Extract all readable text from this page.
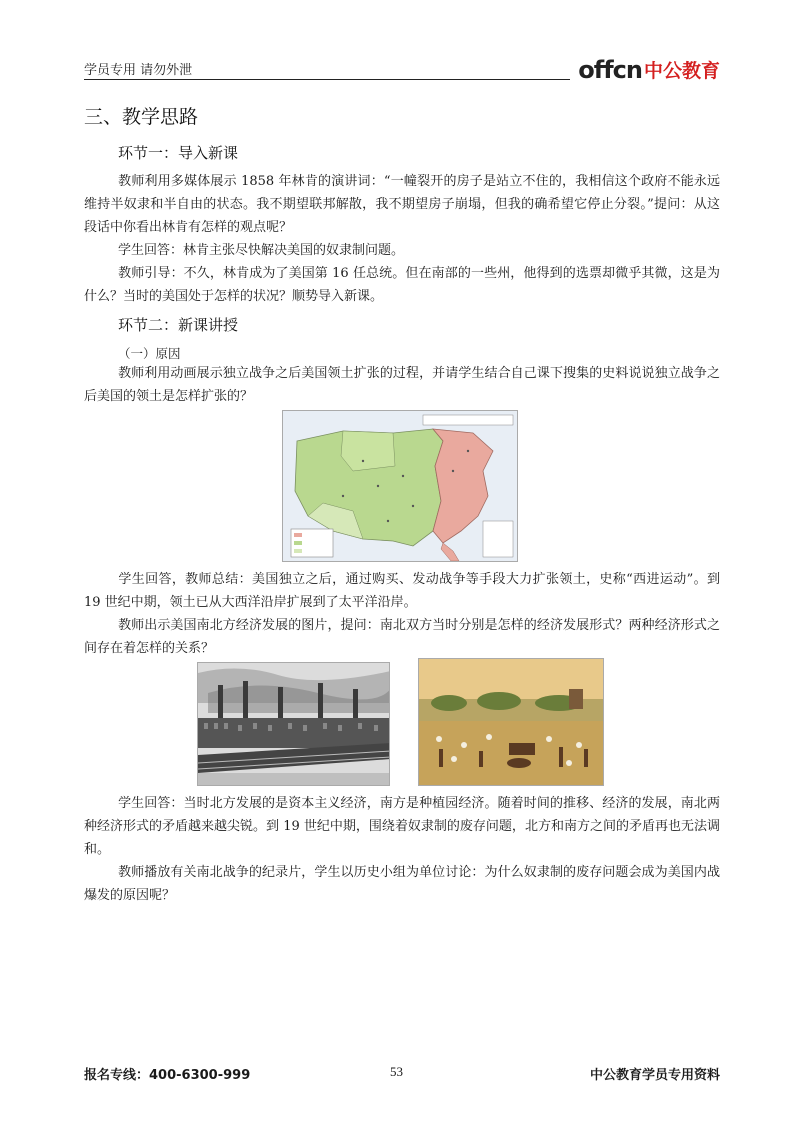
学员专用 请勿外泄	offcn 中公教育
三、教学思路
环节一：导入新课
教师利用多媒体展示 1858 年林肯的演讲词：“一幢裂开的房子是站立不住的，我相信这个政府不能永远维持半奴隶和半自由的状态。我不期望联邦解散，我不期望房子崩塌，但我的确希望它停止分裂。”提问：从这段话中你看出林肯有怎样的观点呢？
学生回答：林肯主张尽快解决美国的奴隶制问题。
教师引导：不久，林肯成为了美国第 16 任总统。但在南部的一些州，他得到的选票却微乎其微，这是为什么？当时的美国处于怎样的状况？顺势导入新课。
环节二：新课讲授
（一）原因
教师利用动画展示独立战争之后美国领土扩张的过程，并请学生结合自己课下搜集的史料说说独立战争之后美国的领土是怎样扩张的？
学生回答，教师总结：美国独立之后，通过购买、发动战争等手段大力扩张领土，史称“西进运动”。到 19 世纪中期，领土已从大西洋沿岸扩展到了太平洋沿岸。
教师出示美国南北方经济发展的图片，提问：南北双方当时分别是怎样的经济发展形式？两种经济形式之间存在着怎样的关系？
学生回答：当时北方发展的是资本主义经济，南方是种植园经济。随着时间的推移、经济的发展，南北两种经济形式的矛盾越来越尖锐。到 19 世纪中期，围绕着奴隶制的废存问题，北方和南方之间的矛盾再也无法调和。
教师播放有关南北战争的纪录片，学生以历史小组为单位讨论：为什么奴隶制的废存问题会成为美国内战爆发的原因呢？
报名专线：400-6300-999	53	中公教育学员专用资料
